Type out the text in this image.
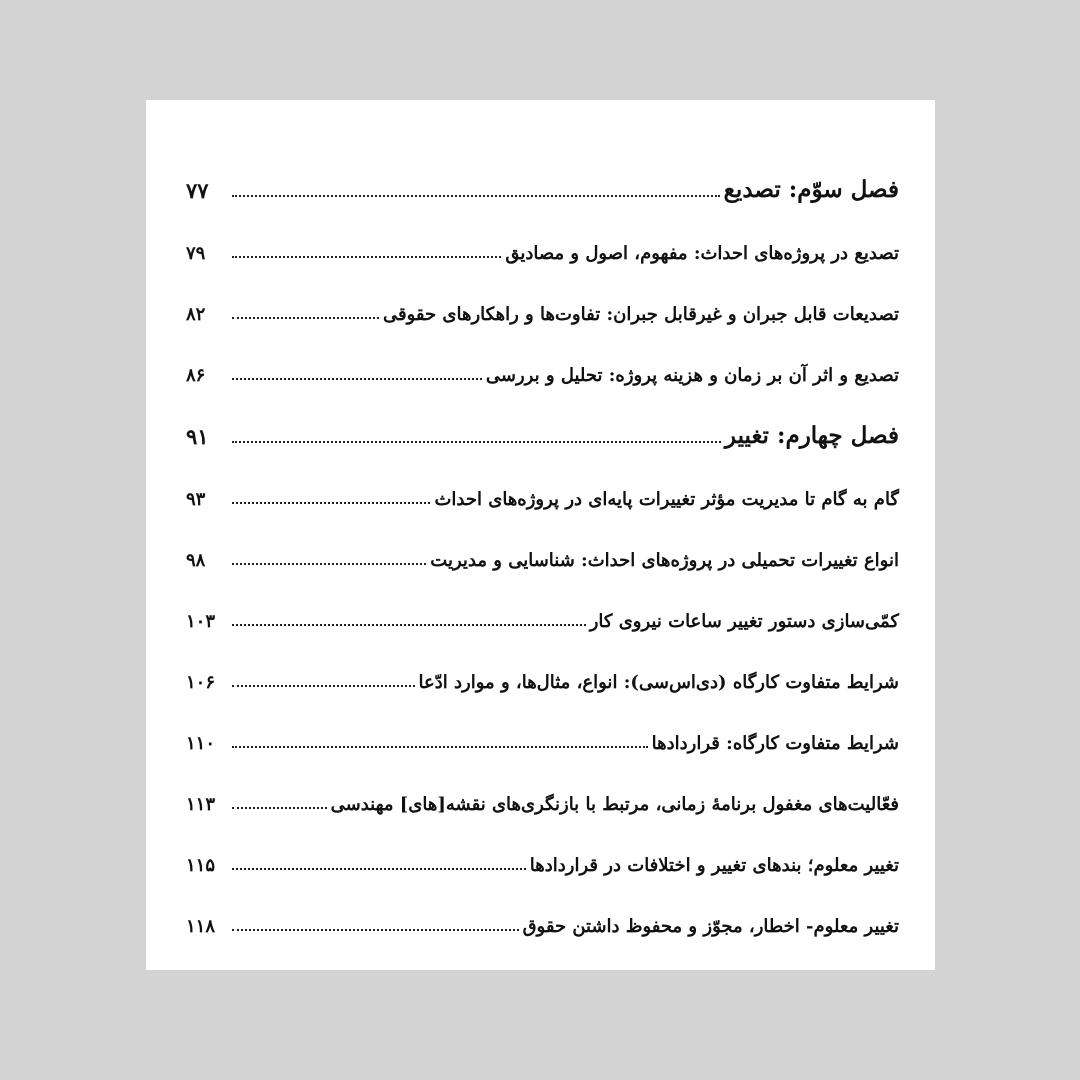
فصل سوّم: تصدیع
۷۷
تصدیع در پروژه‌های احداث: مفهوم، اصول و مصادیق
۷۹
تصدیعات قابل جبران و غیرقابل جبران: تفاوت‌ها و راهکارهای حقوقی
۸۲
تصدیع و اثر آن بر زمان و هزینه پروژه: تحلیل و بررسی
۸۶
فصل چهارم: تغییر
۹۱
گام به گام تا مدیریت مؤثر تغییرات پایه‌ای در پروژه‌های احداث
۹۳
انواع تغییرات تحمیلی در پروژه‌های احداث: شناسایی و مدیریت
۹۸
کمّی‌سازی دستور تغییر ساعات نیروی کار
۱۰۳
شرایط متفاوت کارگاه (دی‌اس‌سی): انواع، مثال‌ها، و موارد ادّعا
۱۰۶
شرایط متفاوت کارگاه: قراردادها
۱۱۰
فعّالیت‌های مغفول برنامهٔ زمانی، مرتبط با بازنگری‌های نقشه[های] مهندسی
۱۱۳
تغییر معلوم؛ بندهای تغییر و اختلافات در قراردادها
۱۱۵
تغییر معلوم- اخطار، مجوّز و محفوظ داشتن حقوق
۱۱۸
